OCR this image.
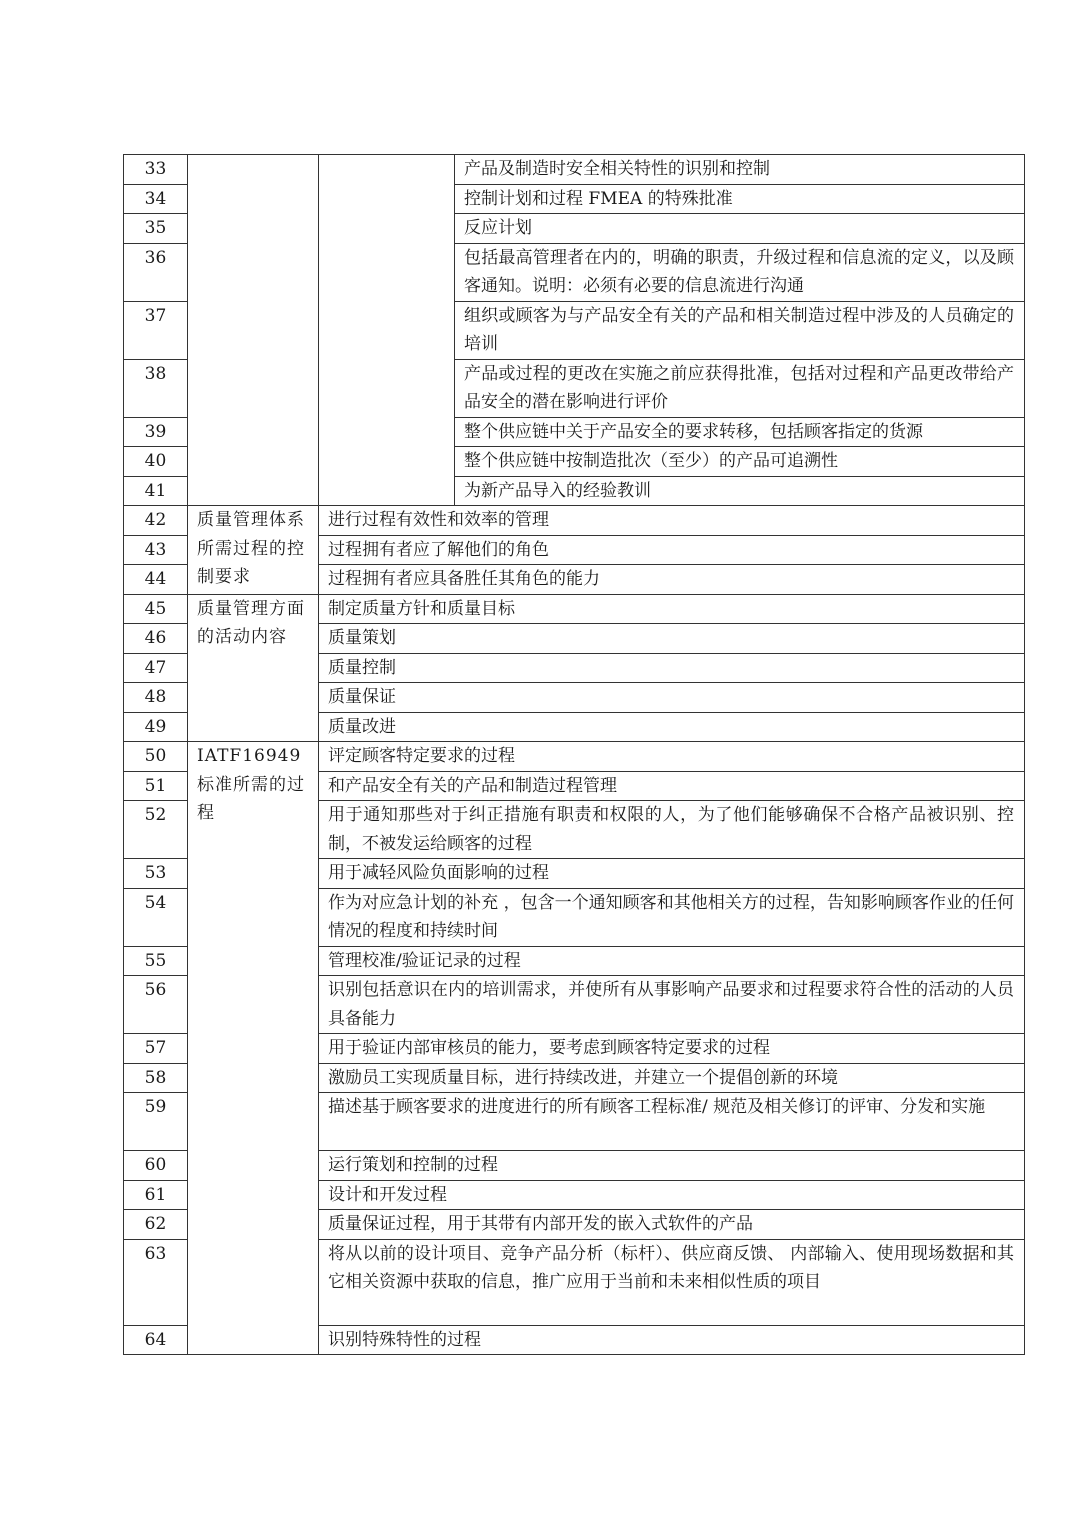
33			产品及制造时安全相关特性的识别和控制
34			控制计划和过程 FMEA 的特殊批准
35			反应计划
36			包括最高管理者在内的，明确的职责，升级过程和信息流的定义，以及顾客通知。说明：必须有必要的信息流进行沟通
37			组织或顾客为与产品安全有关的产品和相关制造过程中涉及的人员确定的培训
38			产品或过程的更改在实施之前应获得批准，包括对过程和产品更改带给产品安全的潜在影响进行评价
39			整个供应链中关于产品安全的要求转移，包括顾客指定的货源
40			整个供应链中按制造批次（至少）的产品可追溯性
41			为新产品导入的经验教训
42	质量管理体系所需过程的控制要求	进行过程有效性和效率的管理	
43		过程拥有者应了解他们的角色	
44		过程拥有者应具备胜任其角色的能力	
45	质量管理方面的活动内容	制定质量方针和质量目标	
46		质量策划	
47		质量控制	
48		质量保证	
49		质量改进	
50	IATF16949标准所需的过程	评定顾客特定要求的过程	
51		和产品安全有关的产品和制造过程管理	
52		用于通知那些对于纠正措施有职责和权限的人，为了他们能够确保不合格产品被识别、控制，不被发运给顾客的过程	
53		用于减轻风险负面影响的过程	
54		作为对应急计划的补充 ，包含一个通知顾客和其他相关方的过程，告知影响顾客作业的任何情况的程度和持续时间	
55		管理校准/验证记录的过程	
56		识别包括意识在内的培训需求，并使所有从事影响产品要求和过程要求符合性的活动的人员具备能力	
57		用于验证内部审核员的能力，要考虑到顾客特定要求的过程	
58		激励员工实现质量目标，进行持续改进，并建立一个提倡创新的环境	
59		描述基于顾客要求的进度进行的所有顾客工程标准/ 规范及相关修订的评审、分发和实施	
60		运行策划和控制的过程	
61		设计和开发过程	
62		质量保证过程，用于其带有内部开发的嵌入式软件的产品	
63		将从以前的设计项目、竞争产品分析（标杆）、供应商反馈、 内部输入、使用现场数据和其它相关资源中获取的信息，推广应用于当前和未来相似性质的项目	
64		识别特殊特性的过程	
